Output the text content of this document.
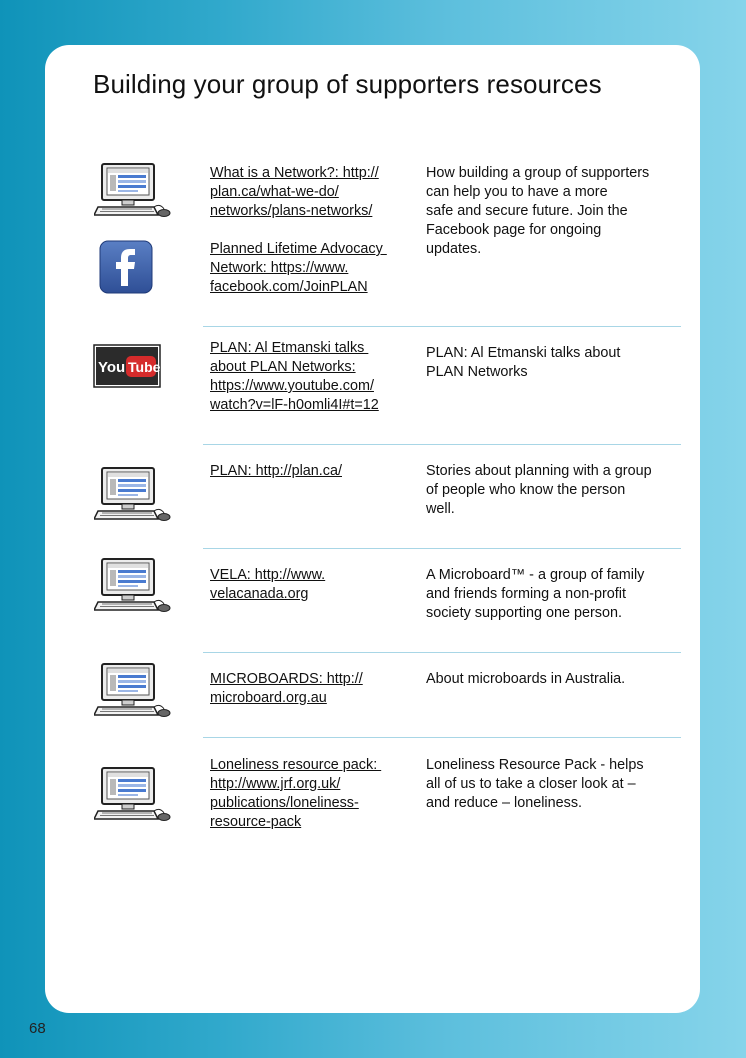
Building your group of supporters resources
What is a Network?: http://
plan.ca/what-we-do/
networks/plans-networks/
Planned Lifetime Advocacy
Network: https://www.
facebook.com/JoinPLAN

How building a group of supporters
can help you to have a more
safe and secure future. Join the
Facebook page for ongoing
updates.

You Tube
PLAN: Al Etmanski talks
about PLAN Networks:
https://www.youtube.com/
watch?v=lF-h0omli4I#t=12

PLAN: Al Etmanski talks about
PLAN Networks

PLAN: http://plan.ca/	Stories about planning with a group
of people who know the person
well.

VELA: http://www.
velacanada.org

A Microboard™ - a group of family
and friends forming a non-profit
society supporting one person.

MICROBOARDS: http://
microboard.org.au

About microboards in Australia.

Loneliness resource pack:
http://www.jrf.org.uk/
publications/loneliness-
resource-pack

Loneliness Resource Pack - helps
all of us to take a closer look at –
and reduce – loneliness.

68
